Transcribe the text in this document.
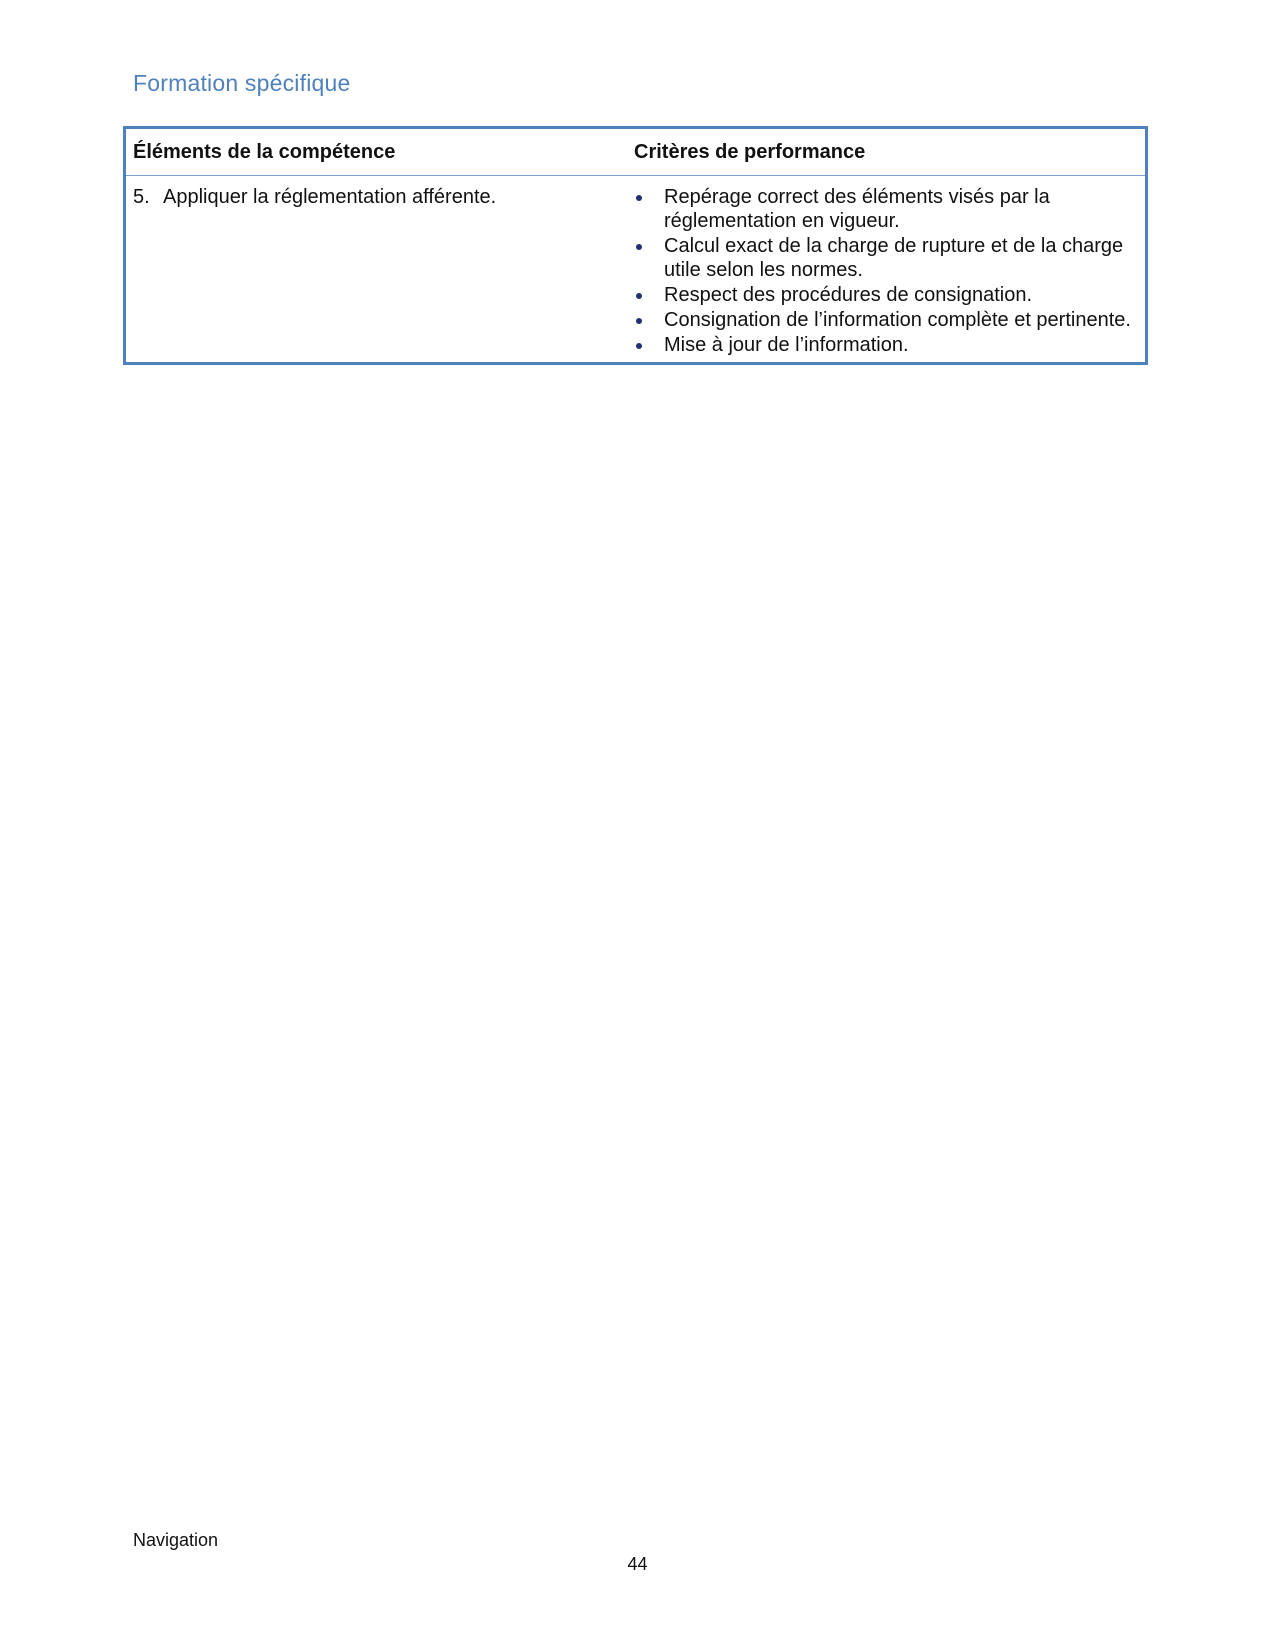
Formation spécifique
Éléments de la compétence	Critères de performance
5. Appliquer la réglementation afférente.	Repérage correct des éléments visés par la réglementation en vigueur.
Calcul exact de la charge de rupture et de la charge utile selon les normes.
Respect des procédures de consignation.
Consignation de l’information complète et pertinente.
Mise à jour de l’information.
Navigation
44
